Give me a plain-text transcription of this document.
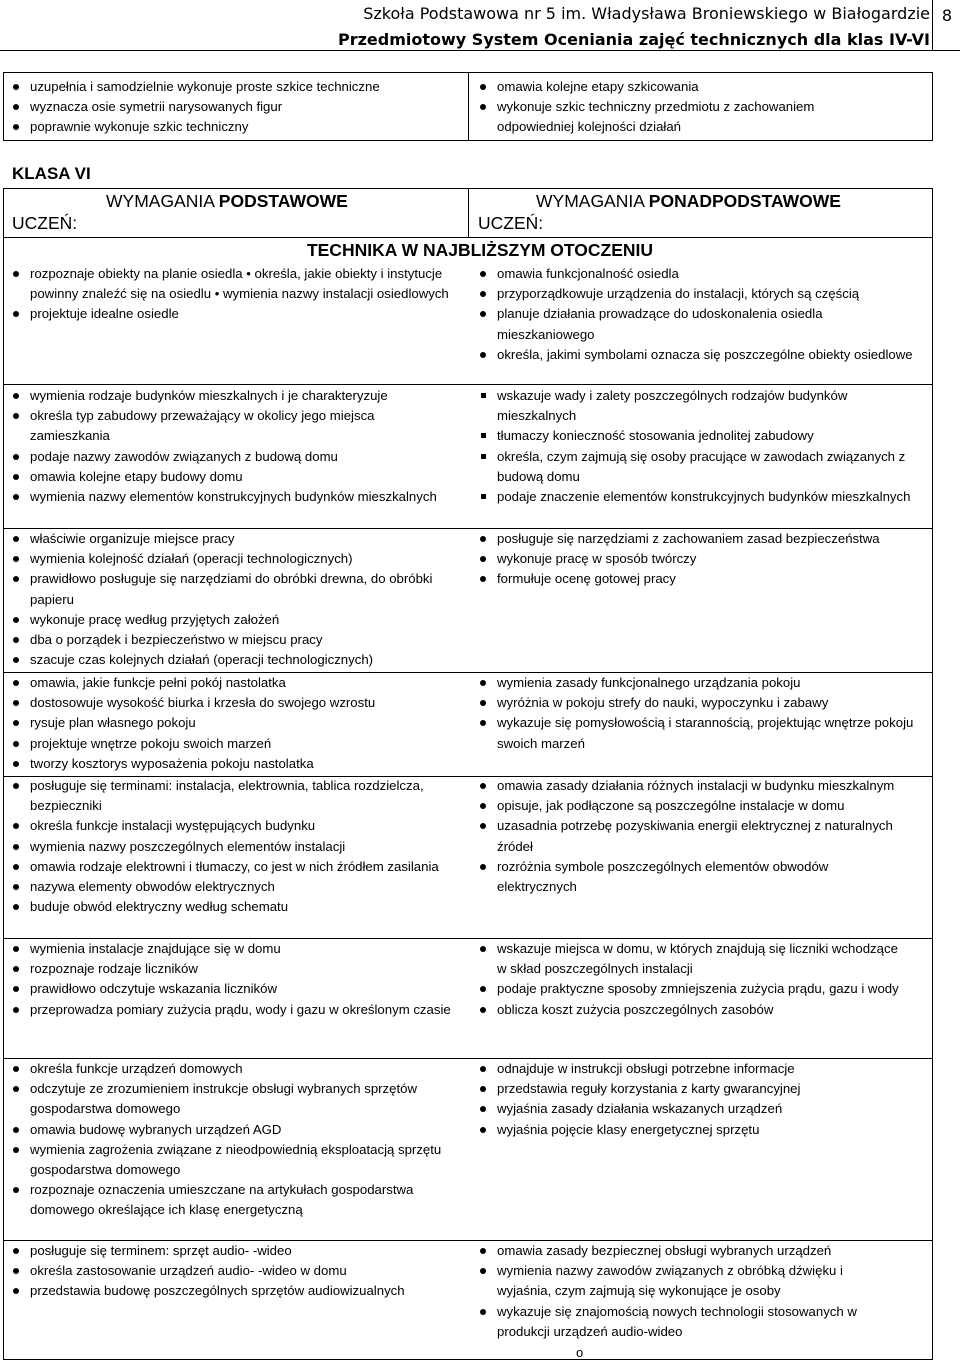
Szkoła Podstawowa nr 5 im. Władysława Broniewskiego w Białogardzie
Przedmiotowy System Oceniania zajęć technicznych dla klas IV-VI
8
uzupełnia i samodzielnie wykonuje proste szkice techniczne
wyznacza osie symetrii narysowanych figur
poprawnie wykonuje szkic techniczny
omawia kolejne etapy szkicowania
wykonuje szkic techniczny przedmiotu z zachowaniem odpowiedniej kolejności działań
KLASA VI
WYMAGANIA PODSTAWOWE
UCZEŃ:
WYMAGANIA PONADPODSTAWOWE
UCZEŃ:
TECHNIKA W NAJBLIŻSZYM OTOCZENIU
rozpoznaje obiekty na planie osiedla • określa, jakie obiekty i instytucje powinny znaleźć się na osiedlu • wymienia nazwy instalacji osiedlowych
projektuje idealne osiedle
omawia funkcjonalność osiedla
przyporządkowuje urządzenia do instalacji, których są częścią
planuje działania prowadzące do udoskonalenia osiedla mieszkaniowego
określa, jakimi symbolami oznacza się poszczególne obiekty osiedlowe
wymienia rodzaje budynków mieszkalnych i je charakteryzuje
określa typ zabudowy przeważający w okolicy jego miejsca zamieszkania
podaje nazwy zawodów związanych z budową domu
omawia kolejne etapy budowy domu
wymienia nazwy elementów konstrukcyjnych budynków mieszkalnych
wskazuje wady i zalety poszczególnych rodzajów budynków mieszkalnych
tłumaczy konieczność stosowania jednolitej zabudowy
określa, czym zajmują się osoby pracujące w zawodach związanych z budową domu
podaje znaczenie elementów konstrukcyjnych budynków mieszkalnych
właściwie organizuje miejsce pracy
wymienia kolejność działań (operacji technologicznych)
prawidłowo posługuje się narzędziami do obróbki drewna, do obróbki papieru
wykonuje pracę według przyjętych założeń
dba o porządek i bezpieczeństwo w miejscu pracy
szacuje czas kolejnych działań (operacji technologicznych)
posługuje się narzędziami z zachowaniem zasad bezpieczeństwa
wykonuje pracę w sposób twórczy
formułuje ocenę gotowej pracy
omawia, jakie funkcje pełni pokój nastolatka
dostosowuje wysokość biurka i krzesła do swojego wzrostu
rysuje plan własnego pokoju
projektuje wnętrze pokoju swoich marzeń
tworzy kosztorys wyposażenia pokoju nastolatka
wymienia zasady funkcjonalnego urządzania pokoju
wyróżnia w pokoju strefy do nauki, wypoczynku i zabawy
wykazuje się pomysłowością i starannością, projektując wnętrze pokoju swoich marzeń
posługuje się terminami: instalacja, elektrownia, tablica rozdzielcza, bezpieczniki
określa funkcje instalacji występujących budynku
wymienia nazwy poszczególnych elementów instalacji
omawia rodzaje elektrowni i tłumaczy, co jest w nich źródłem zasilania
nazywa elementy obwodów elektrycznych
buduje obwód elektryczny według schematu
omawia zasady działania różnych instalacji w budynku mieszkalnym
opisuje, jak podłączone są poszczególne instalacje w domu
uzasadnia potrzebę pozyskiwania energii elektrycznej z naturalnych źródeł
rozróżnia symbole poszczególnych elementów obwodów elektrycznych
wymienia instalacje znajdujące się w domu
rozpoznaje rodzaje liczników
prawidłowo odczytuje wskazania liczników
przeprowadza pomiary zużycia prądu, wody i gazu w określonym czasie
wskazuje miejsca w domu, w których znajdują się liczniki wchodzące w skład poszczególnych instalacji
podaje praktyczne sposoby zmniejszenia zużycia prądu, gazu i wody
oblicza koszt zużycia poszczególnych zasobów
określa funkcje urządzeń domowych
odczytuje ze zrozumieniem instrukcje obsługi wybranych sprzętów gospodarstwa domowego
omawia budowę wybranych urządzeń AGD
wymienia zagrożenia związane z nieodpowiednią eksploatacją sprzętu gospodarstwa domowego
rozpoznaje oznaczenia umieszczane na artykułach gospodarstwa domowego określające ich klasę energetyczną
odnajduje w instrukcji obsługi potrzebne informacje
przedstawia reguły korzystania z karty gwarancyjnej
wyjaśnia zasady działania wskazanych urządzeń
wyjaśnia pojęcie klasy energetycznej sprzętu
posługuje się terminem: sprzęt audio- -wideo
określa zastosowanie urządzeń audio- -wideo w domu
przedstawia budowę poszczególnych sprzętów audiowizualnych
omawia zasady bezpiecznej obsługi wybranych urządzeń
wymienia nazwy zawodów związanych z obróbką dźwięku i wyjaśnia, czym zajmują się wykonujące je osoby
wykazuje się znajomością nowych technologii stosowanych w produkcji urządzeń audio-wideo
o
